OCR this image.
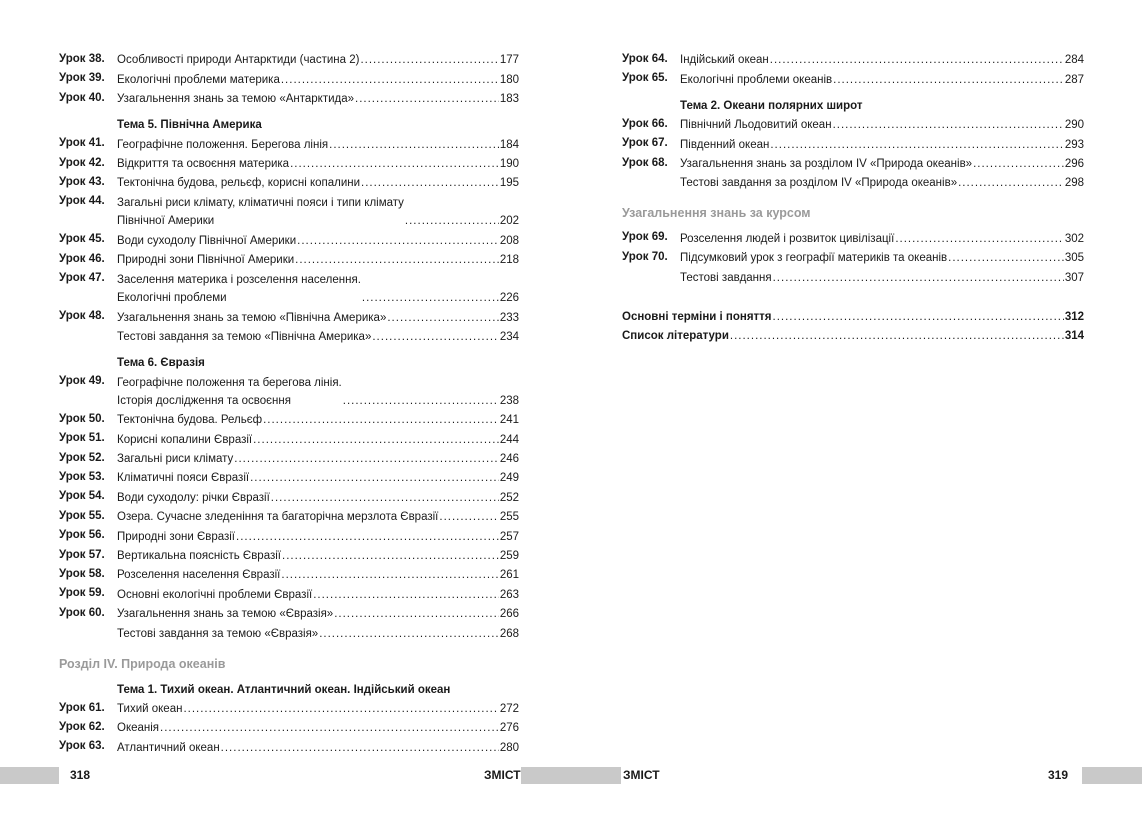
Урок 38.	Особливості природи Антарктиди (частина 2) .....	177
Урок 39.	Екологічні проблеми материка .....	180
Урок 40.	Узагальнення знань за темою «Антарктида» .....	183
Тема 5. Північна Америка
Урок 41.	Географічне положення. Берегова лінія .....	184
Урок 42.	Відкриття та освоєння материка .....	190
Урок 43.	Тектонічна будова, рельєф, корисні копалини .....	195
Урок 44.	Загальні риси клімату, кліматичні пояси і типи клімату
Північної Америки .....	202
Урок 45.	Води суходолу Північної Америки .....	208
Урок 46.	Природні зони Північної Америки .....	218
Урок 47.	Заселення материка і розселення населення.
Екологічні проблеми .....	226
Урок 48.	Узагальнення знань за темою «Північна Америка» .....	233
Тестові завдання за темою «Північна Америка» .....	234
Тема 6. Євразія
Урок 49.	Географічне положення та берегова лінія.
Історія дослідження та освоєння .....	238
Урок 50.	Тектонічна будова. Рельєф .....	241
Урок 51.	Корисні копалини Євразії .....	244
Урок 52.	Загальні риси клімату .....	246
Урок 53.	Кліматичні пояси Євразії .....	249
Урок 54.	Води суходолу: річки Євразії .....	252
Урок 55.	Озера. Сучасне зледеніння та багаторічна мерзлота Євразії .....	255
Урок 56.	Природні зони Євразії .....	257
Урок 57.	Вертикальна поясність Євразії .....	259
Урок 58.	Розселення населення Євразії .....	261
Урок 59.	Основні екологічні проблеми Євразії .....	263
Урок 60.	Узагальнення знань за темою «Євразія» .....	266
Тестові завдання за темою «Євразія» .....	268
Розділ IV. Природа океанів
Тема 1. Тихий океан. Атлантичний океан. Індійський океан
Урок 61.	Тихий океан .....	272
Урок 62.	Океанія .....	276
Урок 63.	Атлантичний океан .....	280
318	ЗМІСТ
Урок 64.	Індійський океан .....	284
Урок 65.	Екологічні проблеми океанів .....	287
Тема 2. Океани полярних широт
Урок 66.	Північний Льодовитий океан .....	290
Урок 67.	Південний океан .....	293
Урок 68.	Узагальнення знань за розділом IV «Природа океанів» .....	296
Тестові завдання за розділом IV «Природа океанів» .....	298
Узагальнення знань за курсом
Урок 69.	Розселення людей і розвиток цивілізації .....	302
Урок 70.	Підсумковий урок з географії материків та океанів .....	305
Тестові завдання .....	307
Основні терміни і поняття .....	312
Список літератури .....	314
ЗМІСТ	319
